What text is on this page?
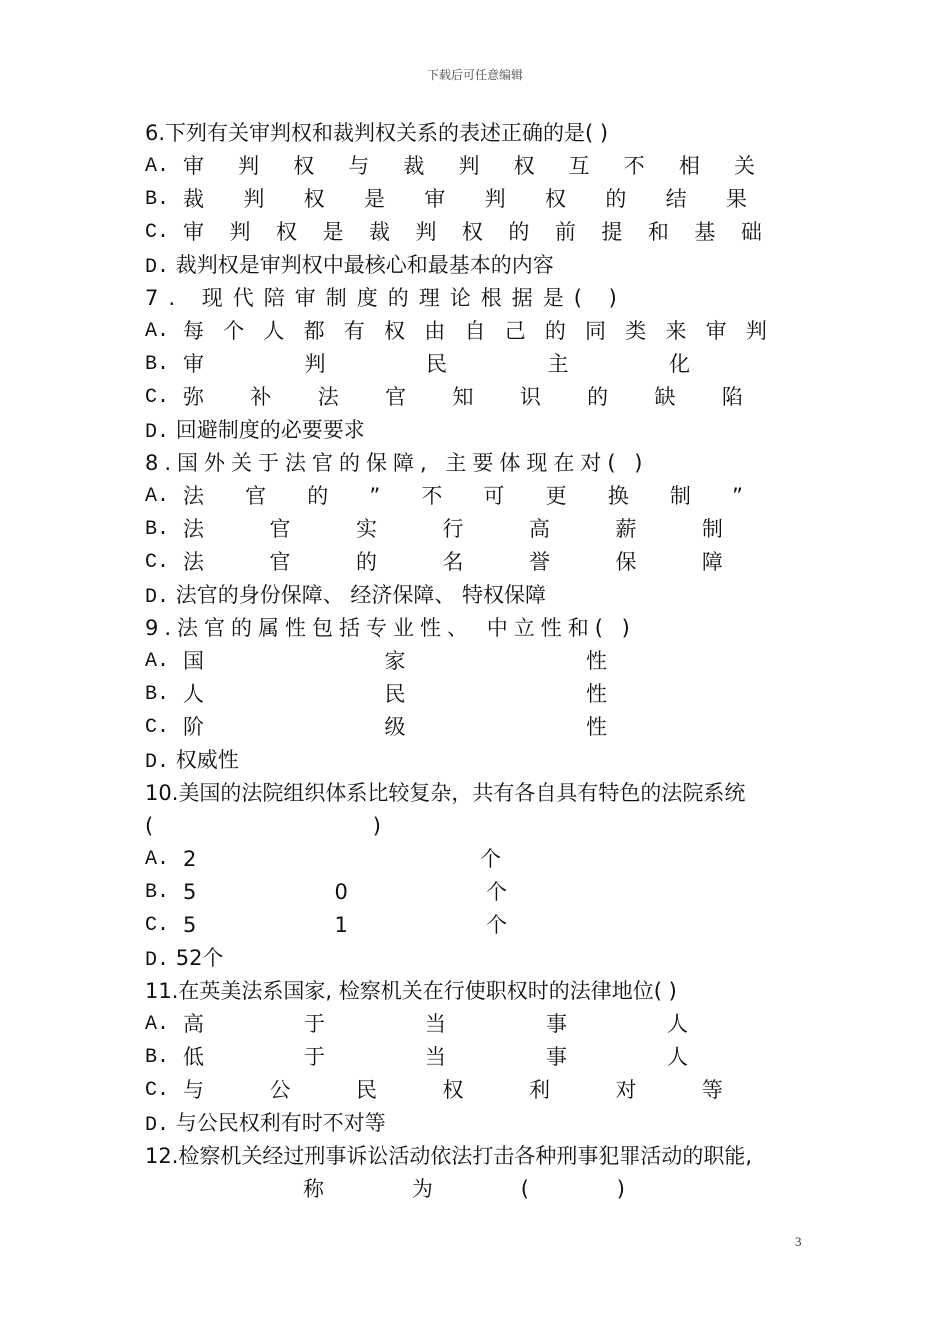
下载后可任意编辑
6.下列有关审判权和裁判权关系的表述正确的是( )
A. 审 判 权 与 裁 判 权 互 不 相 关
B. 裁 判 权 是 审 判 权 的 结 果
C. 审 判 权 是 裁 判 权 的 前 提 和 基 础
D. 裁判权是审判权中最核心和最基本的内容
7. 现代陪审制度的理论根据是( )
A. 每 个 人 都 有 权 由 自 己 的 同 类 来 审 判
B. 审	判	民	主	化
C. 弥 补 法 官 知 识 的 缺 陷
D. 回避制度的必要要求
8.国外关于法官的保障, 主要体现在对( )
A. 法 官 的 ” 不 可 更 换 制 ”
B. 法	官	实	行	高	薪	制
C. 法	官	的	名	誉	保	障
D. 法官的身份保障、 经济保障、 特权保障
9.法官的属性包括专业性、 中立性和( )
A. 国	家	性
B. 人	民	性
C. 阶	级	性
D. 权威性
10.美国的法院组织体系比较复杂，共有各自具有特色的法院系统
(	)
A. 2	个
B. 5	0	个
C. 5	1	个
D. 52个
11.在英美法系国家, 检察机关在行使职权时的法律地位( )
A. 高	于	当	事	人
B. 低	于	当	事	人
C. 与	公	民	权	利	对	等
D. 与公民权利有时不对等
12.检察机关经过刑事诉讼活动依法打击各种刑事犯罪活动的职能,
称	为	(	)
3
